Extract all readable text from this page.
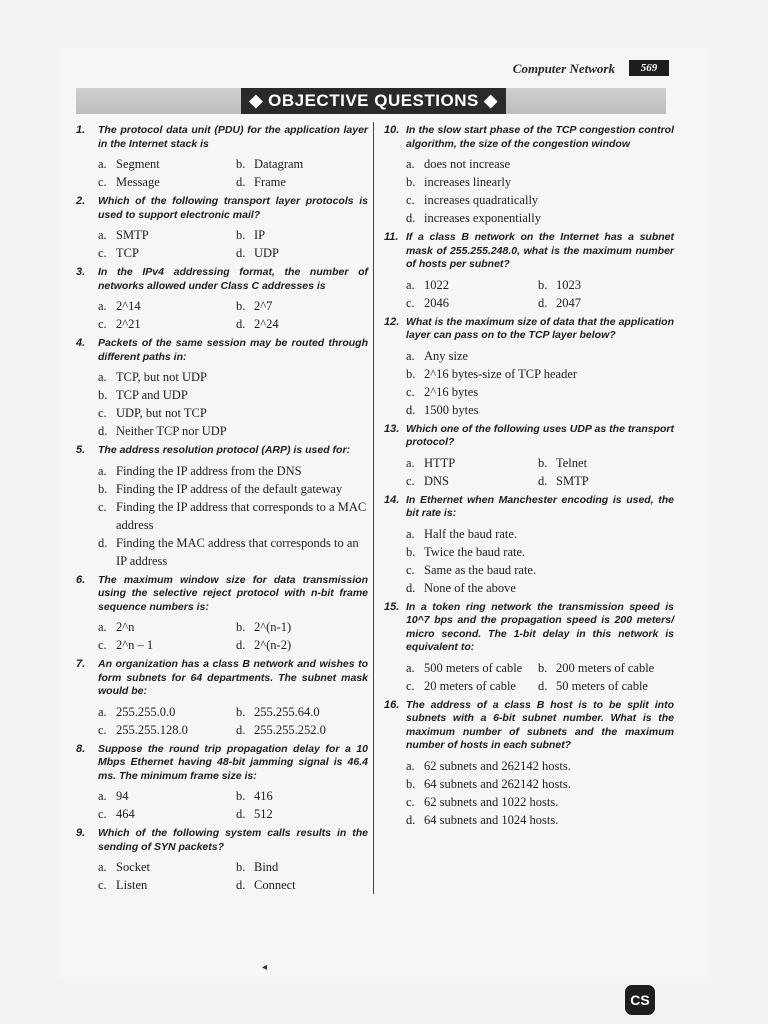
Computer Network	569
◆ OBJECTIVE QUESTIONS ◆
1. The protocol data unit (PDU) for the application layer in the Internet stack is
a. Segment	b. Datagram
c. Message	d. Frame
2. Which of the following transport layer protocols is used to support electronic mail?
a. SMTP	b. IP
c. TCP	d. UDP
3. In the IPv4 addressing format, the number of networks allowed under Class C addresses is
a. 2^14	b. 2^7
c. 2^21	d. 2^24
4. Packets of the same session may be routed through different paths in:
a. TCP, but not UDP
b. TCP and UDP
c. UDP, but not TCP
d. Neither TCP nor UDP
5. The address resolution protocol (ARP) is used for:
a. Finding the IP address from the DNS
b. Finding the IP address of the default gateway
c. Finding the IP address that corresponds to a MAC address
d. Finding the MAC address that corresponds to an IP address
6. The maximum window size for data transmission using the selective reject protocol with n-bit frame sequence numbers is:
a. 2^n	b. 2^(n-1)
c. 2^n – 1	d. 2^(n-2)
7. An organization has a class B network and wishes to form subnets for 64 departments. The subnet mask would be:
a. 255.255.0.0	b. 255.255.64.0
c. 255.255.128.0	d. 255.255.252.0
8. Suppose the round trip propagation delay for a 10 Mbps Ethernet having 48-bit jamming signal is 46.4 ms. The minimum frame size is:
a. 94	b. 416
c. 464	d. 512
9. Which of the following system calls results in the sending of SYN packets?
a. Socket	b. Bind
c. Listen	d. Connect
10. In the slow start phase of the TCP congestion control algorithm, the size of the congestion window
a. does not increase
b. increases linearly
c. increases quadratically
d. increases exponentially
11. If a class B network on the Internet has a subnet mask of 255.255.248.0, what is the maximum number of hosts per subnet?
a. 1022	b. 1023
c. 2046	d. 2047
12. What is the maximum size of data that the application layer can pass on to the TCP layer below?
a. Any size
b. 2^16 bytes-size of TCP header
c. 2^16 bytes
d. 1500 bytes
13. Which one of the following uses UDP as the transport protocol?
a. HTTP	b. Telnet
c. DNS	d. SMTP
14. In Ethernet when Manchester encoding is used, the bit rate is:
a. Half the baud rate.
b. Twice the baud rate.
c. Same as the baud rate.
d. None of the above
15. In a token ring network the transmission speed is 10^7 bps and the propagation speed is 200 meters/ micro second. The 1-bit delay in this network is equivalent to:
a. 500 meters of cable	b. 200 meters of cable
c. 20 meters of cable	d. 50 meters of cable
16. The address of a class B host is to be split into subnets with a 6-bit subnet number. What is the maximum number of subnets and the maximum number of hosts in each subnet?
a. 62 subnets and 262142 hosts.
b. 64 subnets and 262142 hosts.
c. 62 subnets and 1022 hosts.
d. 64 subnets and 1024 hosts.
◂
CS
